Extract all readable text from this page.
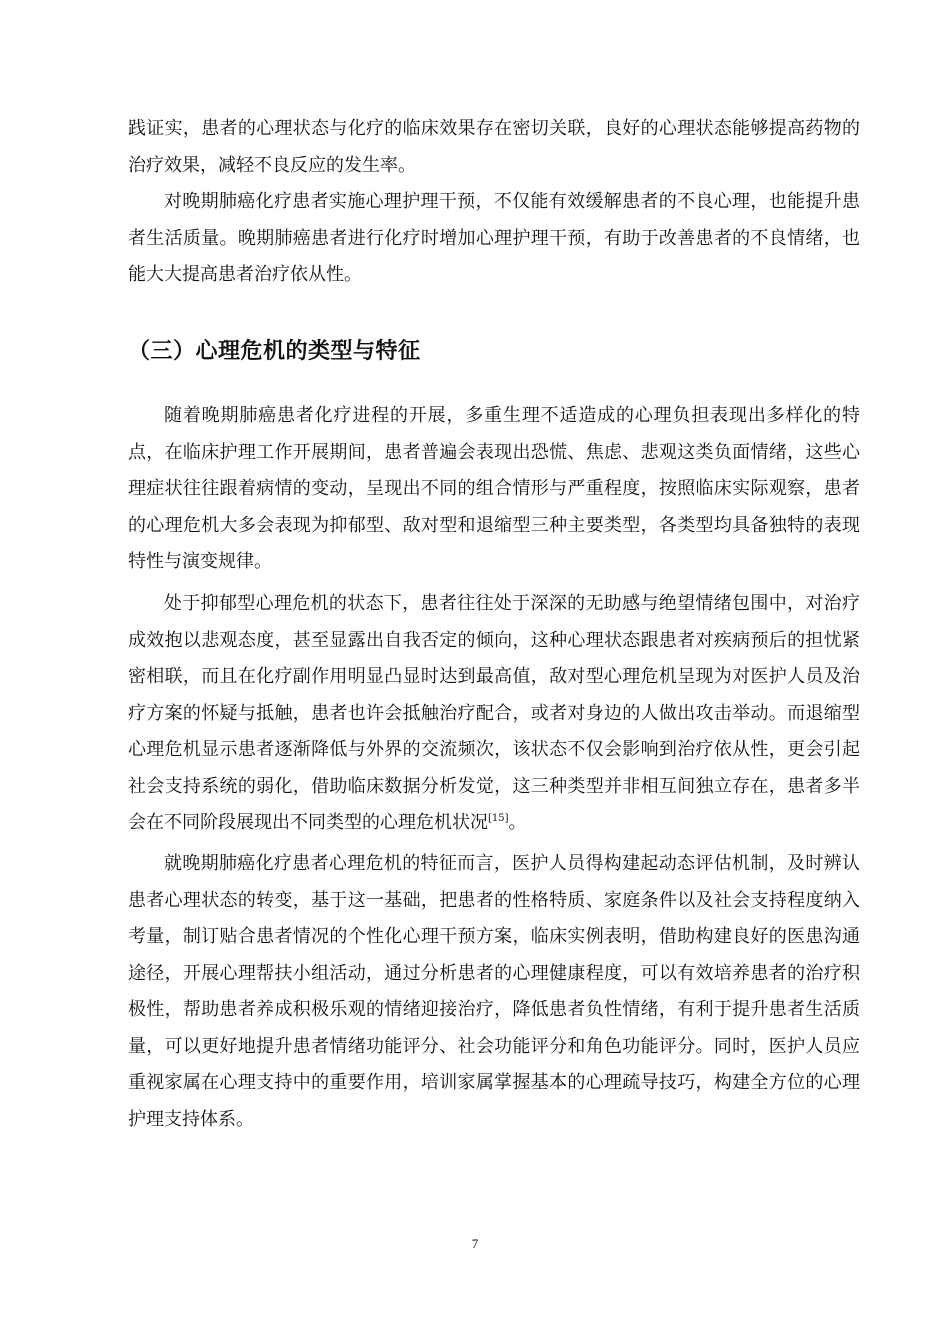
践证实，患者的心理状态与化疗的临床效果存在密切关联，良好的心理状态能够提高药物的治疗效果，减轻不良反应的发生率。

对晚期肺癌化疗患者实施心理护理干预，不仅能有效缓解患者的不良心理，也能提升患者生活质量。晚期肺癌患者进行化疗时增加心理护理干预，有助于改善患者的不良情绪，也能大大提高患者治疗依从性。

（三）心理危机的类型与特征

随着晚期肺癌患者化疗进程的开展，多重生理不适造成的心理负担表现出多样化的特点，在临床护理工作开展期间，患者普遍会表现出恐慌、焦虑、悲观这类负面情绪，这些心理症状往往跟着病情的变动，呈现出不同的组合情形与严重程度，按照临床实际观察，患者的心理危机大多会表现为抑郁型、敌对型和退缩型三种主要类型，各类型均具备独特的表现特性与演变规律。

处于抑郁型心理危机的状态下，患者往往处于深深的无助感与绝望情绪包围中，对治疗成效抱以悲观态度，甚至显露出自我否定的倾向，这种心理状态跟患者对疾病预后的担忧紧密相联，而且在化疗副作用明显凸显时达到最高值，敌对型心理危机呈现为对医护人员及治疗方案的怀疑与抵触，患者也许会抵触治疗配合，或者对身边的人做出攻击举动。而退缩型心理危机显示患者逐渐降低与外界的交流频次，该状态不仅会影响到治疗依从性，更会引起社会支持系统的弱化，借助临床数据分析发觉，这三种类型并非相互间独立存在，患者多半会在不同阶段展现出不同类型的心理危机状况[15]。

就晚期肺癌化疗患者心理危机的特征而言，医护人员得构建起动态评估机制，及时辨认患者心理状态的转变，基于这一基础，把患者的性格特质、家庭条件以及社会支持程度纳入考量，制订贴合患者情况的个性化心理干预方案，临床实例表明，借助构建良好的医患沟通途径，开展心理帮扶小组活动，通过分析患者的心理健康程度，可以有效培养患者的治疗积极性，帮助患者养成积极乐观的情绪迎接治疗，降低患者负性情绪，有利于提升患者生活质量，可以更好地提升患者情绪功能评分、社会功能评分和角色功能评分。同时，医护人员应重视家属在心理支持中的重要作用，培训家属掌握基本的心理疏导技巧，构建全方位的心理护理支持体系。

7
